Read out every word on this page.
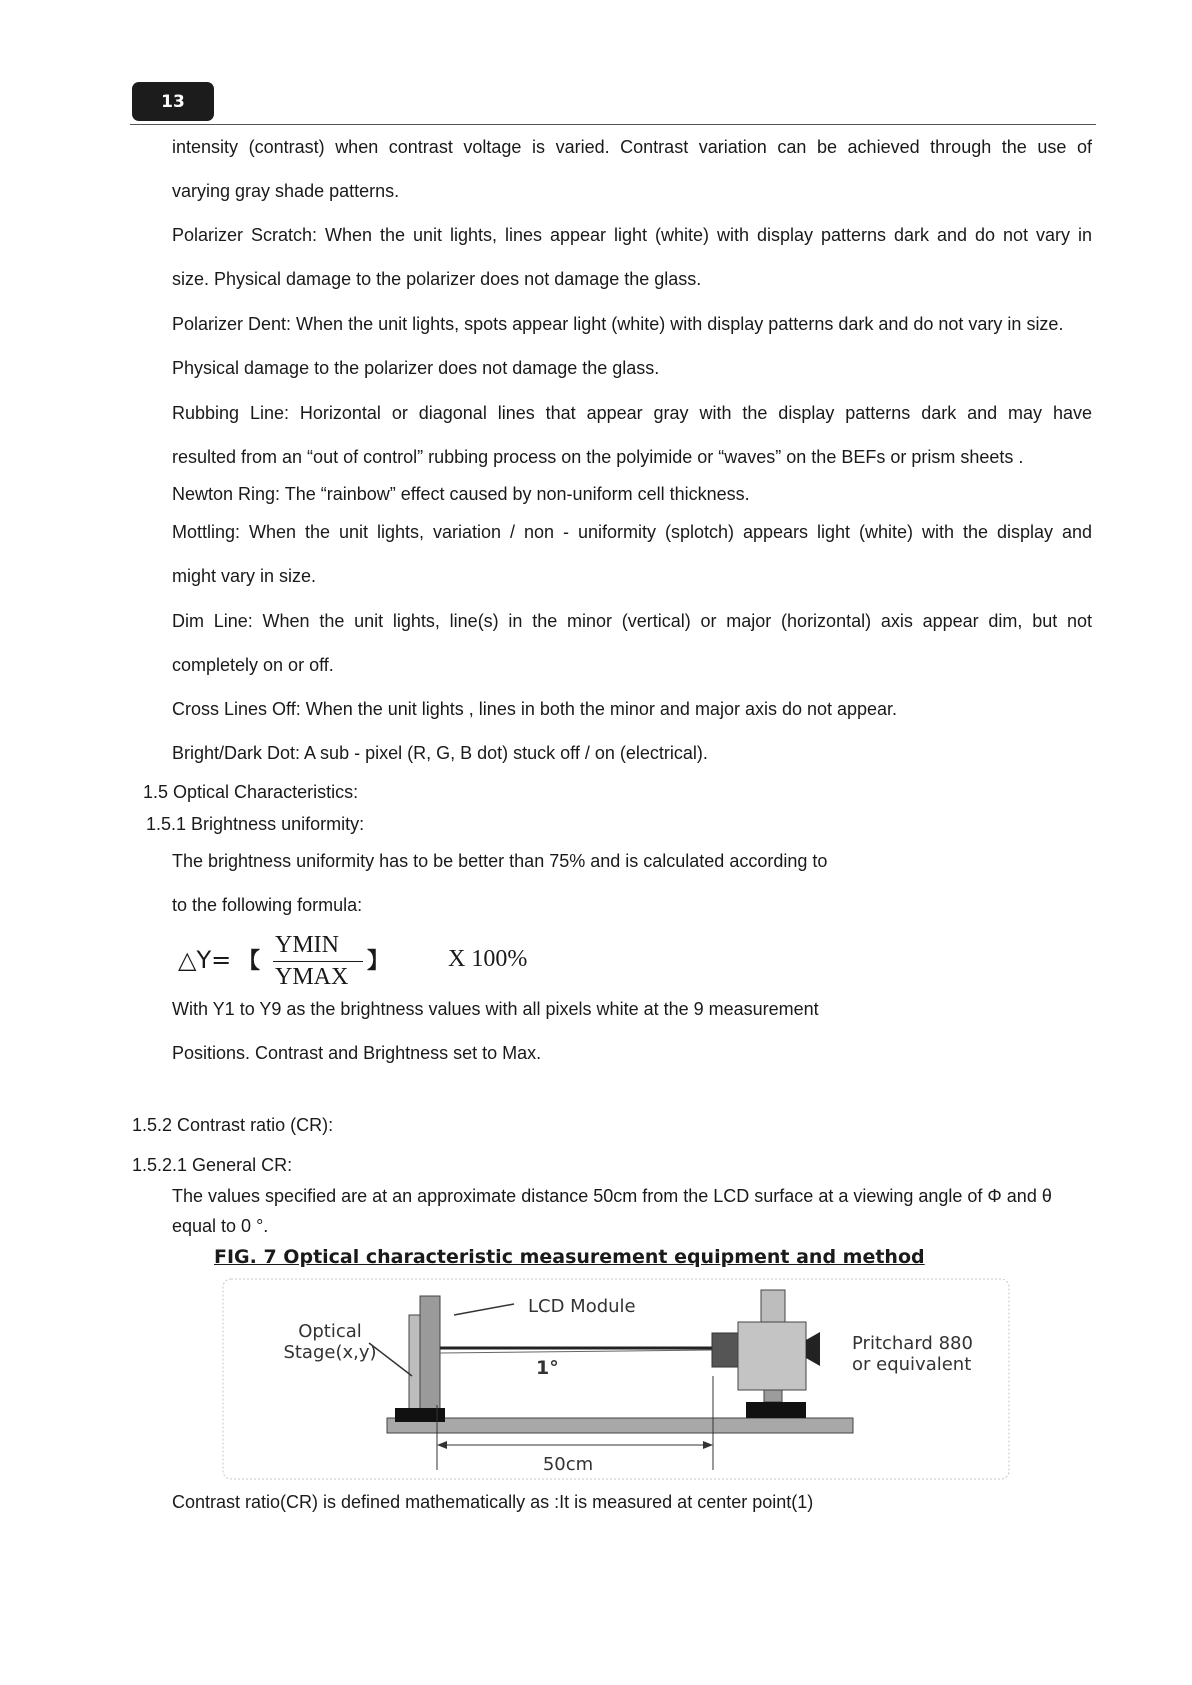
13
intensity (contrast) when contrast voltage is varied. Contrast variation can be achieved through the use of
varying gray shade patterns.
Polarizer Scratch: When the unit lights, lines appear light (white) with display patterns dark and do not vary in
size. Physical damage to the polarizer does not damage the glass.
Polarizer Dent: When the unit lights, spots appear light (white) with display patterns dark and do not vary in size.
Physical damage to the polarizer does not damage the glass.
Rubbing Line: Horizontal or diagonal lines that appear gray with the display patterns dark and may have
resulted from an “out of control” rubbing process on the polyimide or “waves” on the BEFs or prism sheets .
Newton Ring: The “rainbow” effect caused by non-uniform cell thickness.
Mottling: When the unit lights, variation / non - uniformity (splotch) appears light (white) with the display and
might vary in size.
Dim Line: When the unit lights, line(s) in the minor (vertical) or major (horizontal) axis appear dim, but not
completely on or off.
Cross Lines Off: When the unit lights , lines in both the minor and major axis do not appear.
Bright/Dark Dot: A sub - pixel (R, G, B dot) stuck off / on (electrical).
1.5 Optical Characteristics:
1.5.1 Brightness uniformity:
The brightness uniformity has to be better than 75% and is calculated according to
to the following formula:
△Y= 【
YMIN
YMAX
】 X 100%
With Y1 to Y9 as the brightness values with all pixels white at the 9 measurement
Positions. Contrast and Brightness set to Max.
1.5.2 Contrast ratio (CR):
1.5.2.1 General CR:
The values specified are at an approximate distance 50cm from the LCD surface at a viewing angle of Φ and θ
equal to 0 °.
FIG. 7 Optical characteristic measurement equipment and method
Optical
Stage(x,y)
LCD Module
1°
Pritchard 880
or equivalent
50cm
Contrast ratio(CR) is defined mathematically as :It is measured at center point(1)
